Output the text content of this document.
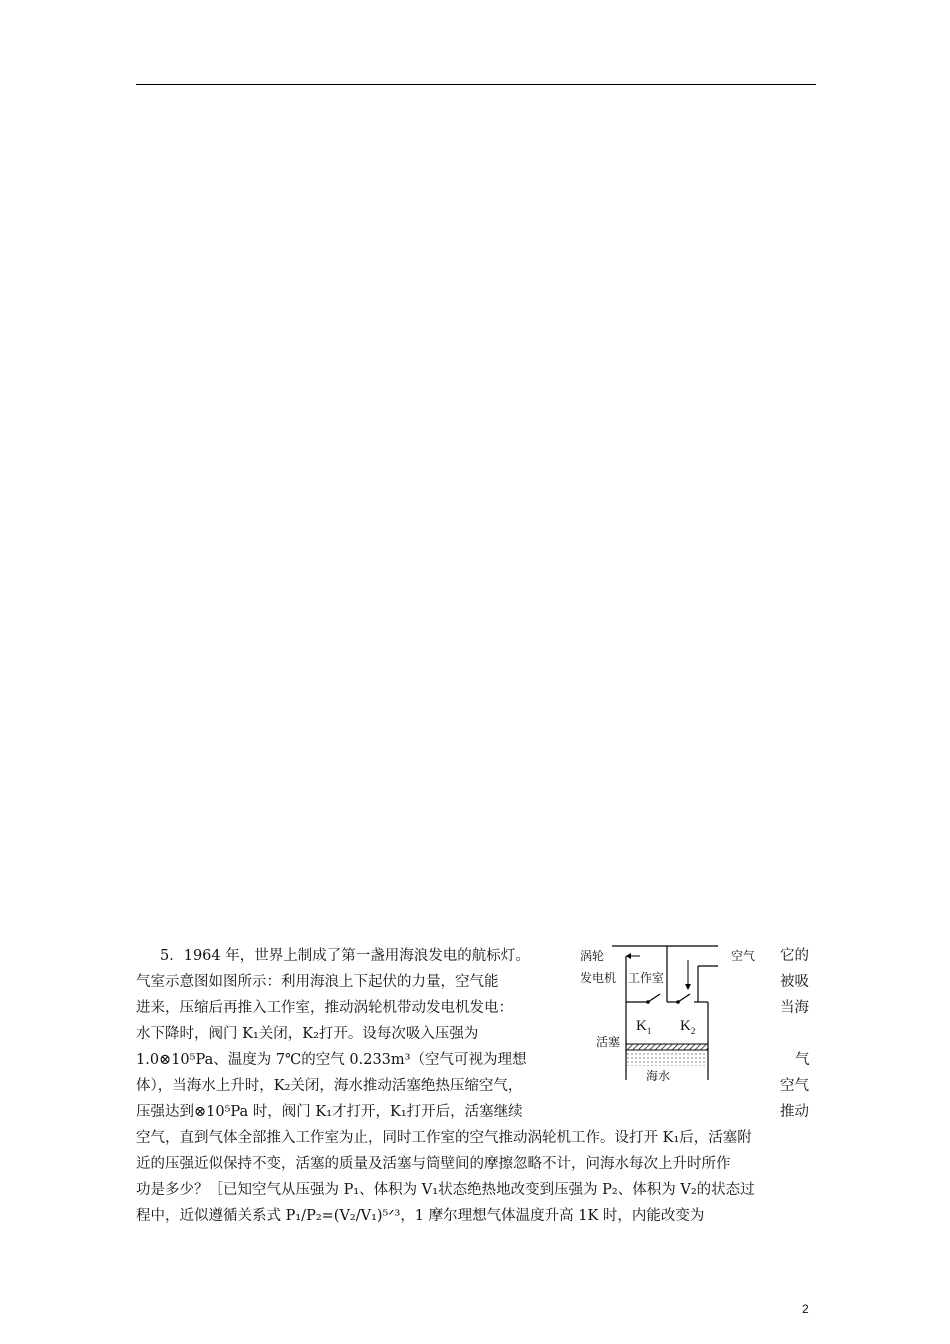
5．1964 年，世界上制成了第一盏用海浪发电的航标灯。
气室示意图如图所示：利用海浪上下起伏的力量，空气能
进来，压缩后再推入工作室，推动涡轮机带动发电机发电：
水下降时，阀门 K₁关闭，K₂打开。设每次吸入压强为
1.0⊗10⁵Pa、温度为 7℃的空气 0.233m³（空气可视为理想
体），当海水上升时，K₂关闭，海水推动活塞绝热压缩空气，
压强达到⊗10⁵Pa 时，阀门 K₁才打开，K₁打开后，活塞继续
空气，直到气体全部推入工作室为止，同时工作室的空气推动涡轮机工作。设打开 K₁后，活塞附
近的压强近似保持不变，活塞的质量及活塞与筒壁间的摩擦忽略不计，问海水每次上升时所作
功是多少？［已知空气从压强为 P₁、体积为 V₁状态绝热地改变到压强为 P₂、体积为 V₂的状态过
程中，近似遵循关系式 P₁/P₂=(V₂/V₁)⁵ᐟ³，1 摩尔理想气体温度升高 1K 时，内能改变为
它的
被吸
当海
气
空气
推动
涡轮
发电机 工作室
空气
$K_1$ $K_2$
活塞
海水
2
